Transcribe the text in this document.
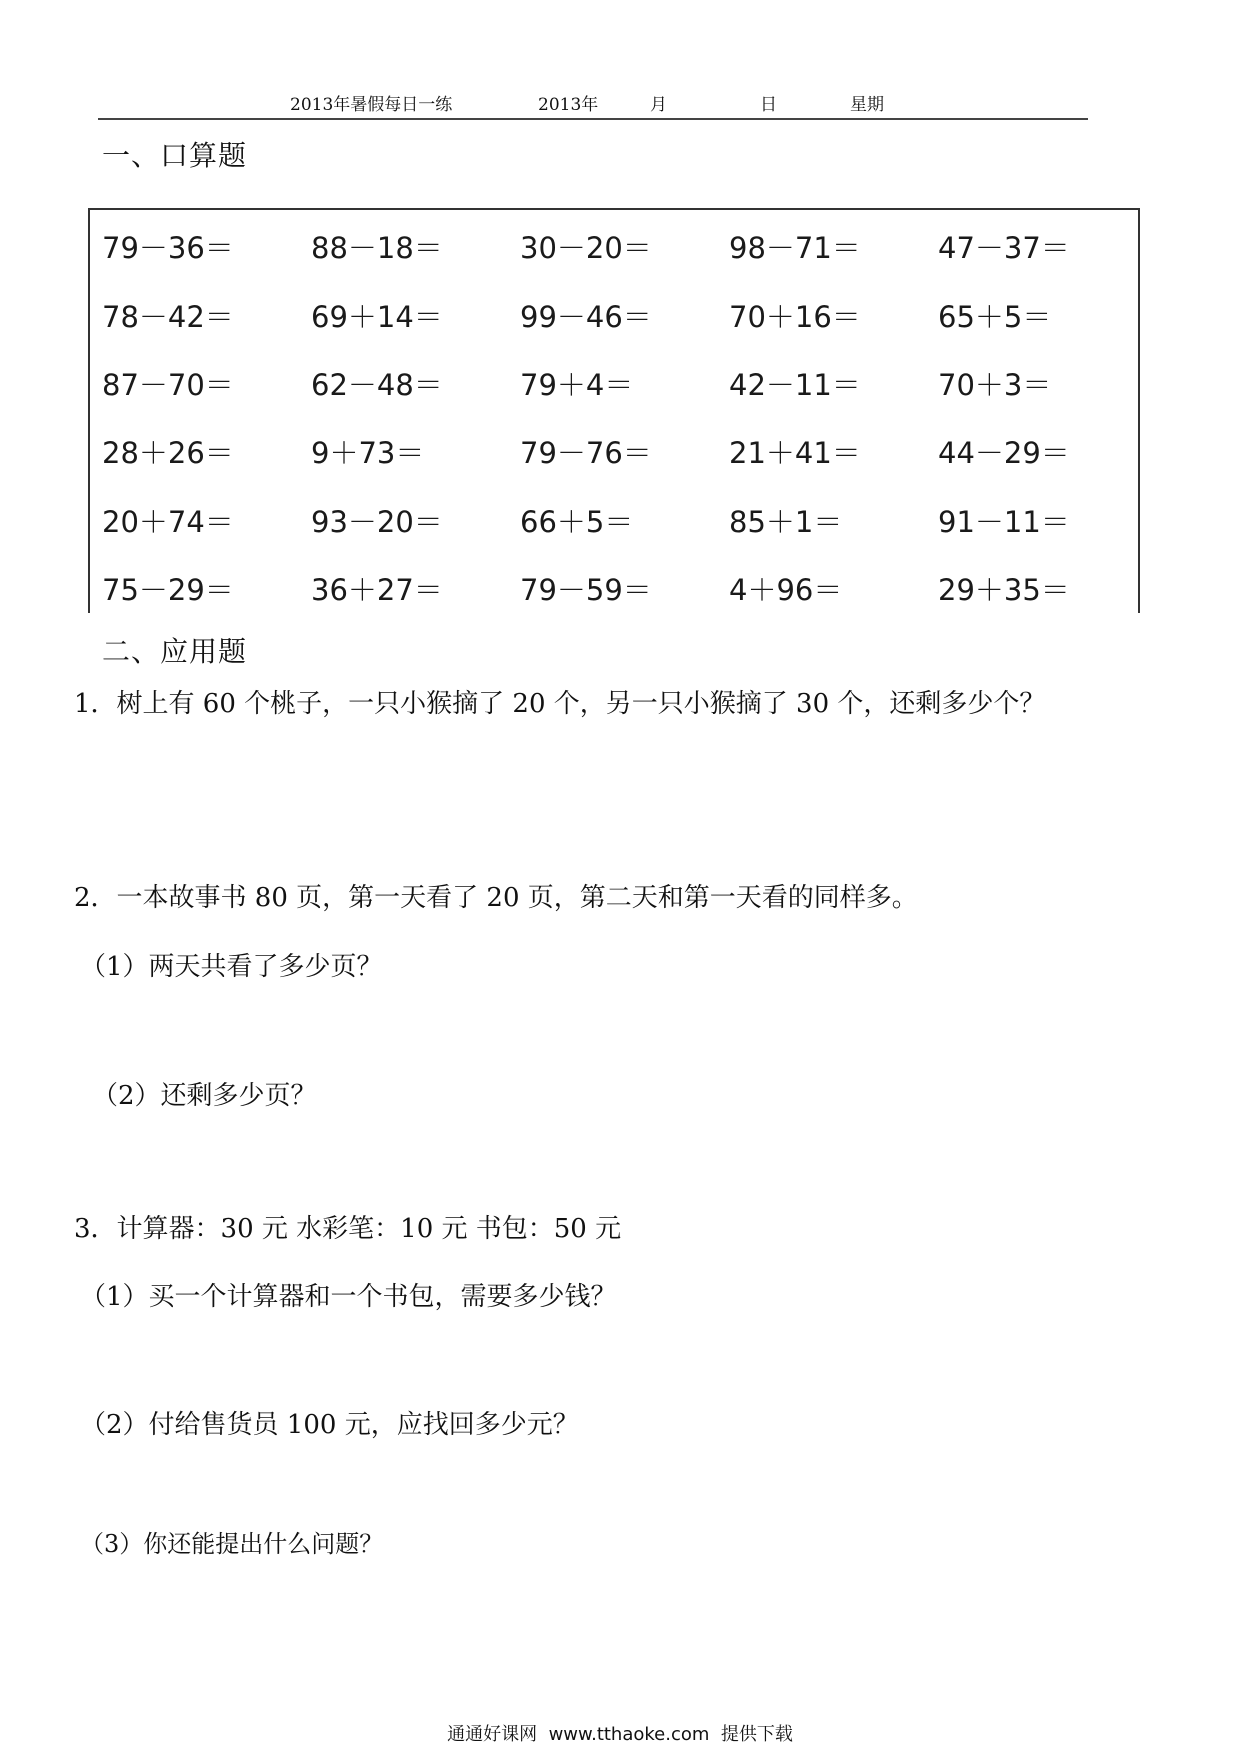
2013年暑假每日一练	2013年	月	日	星期
一、口算题
79－36＝	88－18＝	30－20＝	98－71＝	47－37＝
78－42＝	69＋14＝	99－46＝	70＋16＝	65＋5＝
87－70＝	62－48＝	79＋4＝	42－11＝	70＋3＝
28＋26＝	9＋73＝	79－76＝	21＋41＝	44－29＝
20＋74＝	93－20＝	66＋5＝	85＋1＝	91－11＝
75－29＝	36＋27＝	79－59＝	4＋96＝	29＋35＝
二、应用题
1．树上有 60 个桃子，一只小猴摘了 20 个，另一只小猴摘了 30 个，还剩多少个？
2．一本故事书 80 页，第一天看了 20 页，第二天和第一天看的同样多。
（1）两天共看了多少页？
（2）还剩多少页？
3．计算器：30 元 水彩笔：10 元 书包：50 元
（1）买一个计算器和一个书包，需要多少钱？
（2）付给售货员 100 元，应找回多少元？
（3）你还能提出什么问题？
通通好课网  www.tthaoke.com  提供下载
